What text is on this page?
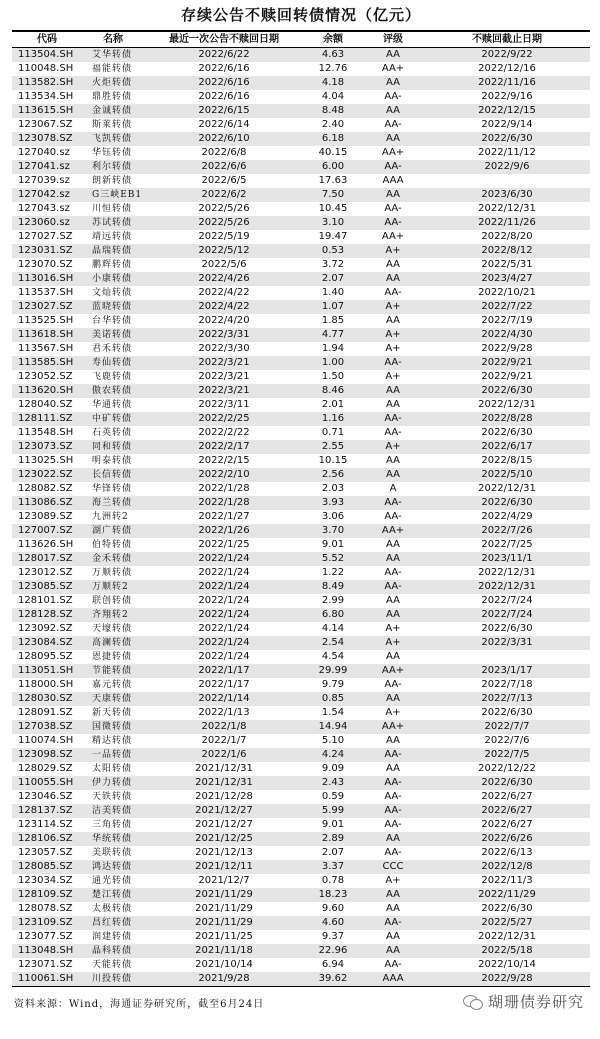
存续公告不赎回转债情况（亿元）
代码	名称	最近一次公告不赎回日期	余额	评级	不赎回截止日期
113504.SH	艾华转债	2022/6/22	4.63	AA	2022/9/22
110048.SH	福能转债	2022/6/16	12.76	AA+	2022/12/16
113582.SH	火炬转债	2022/6/16	4.18	AA	2022/11/16
113534.SH	鼎胜转债	2022/6/16	4.04	AA-	2022/9/16
113615.SH	金诚转债	2022/6/15	8.48	AA	2022/12/15
123067.SZ	斯莱转债	2022/6/14	2.40	AA-	2022/9/14
123078.SZ	飞凯转债	2022/6/10	6.18	AA	2022/6/30
127040.sz	华钰转债	2022/6/8	40.15	AA+	2022/11/12
127041.sz	利尔转债	2022/6/6	6.00	AA-	2022/9/6
127039.sz	朗新转债	2022/6/5	17.63	AAA	
127042.sz	G三峡EB1	2022/6/2	7.50	AA	2023/6/30
127043.sz	川恒转债	2022/5/26	10.45	AA-	2022/12/31
123060.sz	苏试转债	2022/5/26	3.10	AA-	2022/11/26
127027.SZ	靖远转债	2022/5/19	19.47	AA+	2022/8/20
123031.SZ	晶瑞转债	2022/5/12	0.53	A+	2022/8/12
123070.SZ	鹏辉转债	2022/5/6	3.72	AA	2022/5/31
113016.SH	小康转债	2022/4/26	2.07	AA	2023/4/27
113537.SH	文灿转债	2022/4/22	1.40	AA-	2022/10/21
123027.SZ	蓝晓转债	2022/4/22	1.07	A+	2022/7/22
113525.SH	台华转债	2022/4/20	1.85	AA	2022/7/19
113618.SH	美诺转债	2022/3/31	4.77	A+	2022/4/30
113567.SH	君禾转债	2022/3/30	1.94	A+	2022/9/28
113585.SH	寿仙转债	2022/3/21	1.00	AA-	2022/9/21
123052.SZ	飞鹿转债	2022/3/21	1.50	A+	2022/9/21
113620.SH	傲农转债	2022/3/21	8.46	AA	2022/6/30
128040.SZ	华通转债	2022/3/11	2.01	AA	2022/12/31
128111.SZ	中矿转债	2022/2/25	1.16	AA-	2022/8/28
113548.SH	石英转债	2022/2/22	0.71	AA-	2022/6/30
123073.SZ	同和转债	2022/2/17	2.55	A+	2022/6/17
113025.SH	明泰转债	2022/2/15	10.15	AA	2022/8/15
123022.SZ	长信转债	2022/2/10	2.56	AA	2022/5/10
128082.SZ	华锋转债	2022/1/28	2.03	A	2022/12/31
113086.SZ	海兰转债	2022/1/28	3.93	AA-	2022/6/30
123089.SZ	九洲转2	2022/1/27	3.06	AA-	2022/4/29
127007.SZ	湖广转债	2022/1/26	3.70	AA+	2022/7/26
113626.SH	伯特转债	2022/1/25	9.01	AA	2022/7/25
128017.SZ	金禾转债	2022/1/24	5.52	AA	2023/11/1
123012.SZ	万顺转债	2022/1/24	1.22	AA-	2022/12/31
123085.SZ	万顺转2	2022/1/24	8.49	AA-	2022/12/31
128101.SZ	联创转债	2022/1/24	2.99	AA	2022/7/24
128128.SZ	齐翔转2	2022/1/24	6.80	AA	2022/7/24
123092.SZ	天壕转债	2022/1/24	4.14	A+	2022/6/30
123084.SZ	高澜转债	2022/1/24	2.54	A+	2022/3/31
128095.SZ	恩捷转债	2022/1/24	4.54	AA	
113051.SH	节能转债	2022/1/17	29.99	AA+	2023/1/17
118000.SH	嘉元转债	2022/1/17	9.79	AA-	2022/7/18
128030.SZ	天康转债	2022/1/14	0.85	AA	2022/7/13
128091.SZ	新天转债	2022/1/13	1.54	A+	2022/6/30
127038.SZ	国微转债	2022/1/8	14.94	AA+	2022/7/7
110074.SH	精达转债	2022/1/7	5.10	AA	2022/7/6
123098.SZ	一品转债	2022/1/6	4.24	AA-	2022/7/5
128029.SZ	太阳转债	2021/12/31	9.09	AA	2022/12/22
110055.SH	伊力转债	2021/12/31	2.43	AA-	2022/6/30
123046.SZ	天铁转债	2021/12/28	0.59	AA-	2022/6/27
128137.SZ	洁美转债	2021/12/27	5.99	AA-	2022/6/27
123114.SZ	三角转债	2021/12/27	9.01	AA-	2022/6/27
128106.SZ	华统转债	2021/12/25	2.89	AA	2022/6/26
123057.SZ	美联转债	2021/12/13	2.07	AA-	2022/6/13
128085.SZ	鸿达转债	2021/12/11	3.37	CCC	2022/12/8
123034.SZ	通光转债	2021/12/7	0.78	A+	2022/11/3
128109.SZ	楚江转债	2021/11/29	18.23	AA	2022/11/29
128078.SZ	太极转债	2021/11/29	9.60	AA	2022/6/30
123109.SZ	昌红转债	2021/11/29	4.60	AA-	2022/5/27
123077.SZ	润建转债	2021/11/25	9.37	AA	2022/12/31
113048.SH	晶科转债	2021/11/18	22.96	AA	2022/5/18
123071.SZ	天能转债	2021/10/14	6.94	AA-	2022/10/14
110061.SH	川投转债	2021/9/28	39.62	AAA	2022/9/28
资料来源：Wind，海通证券研究所，截至6月24日	瑚珊债券研究
